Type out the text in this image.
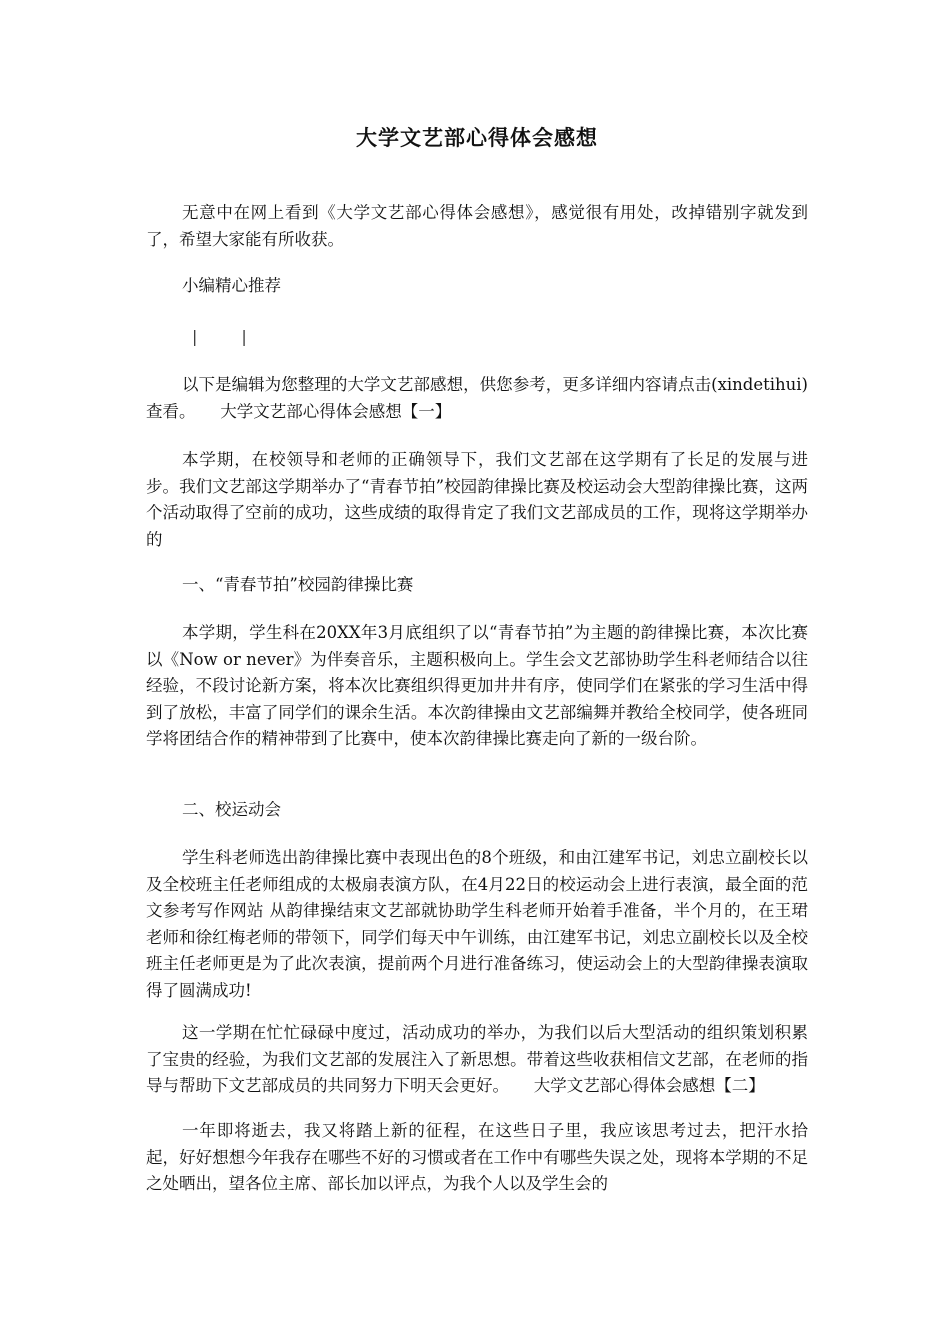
大学文艺部心得体会感想

无意中在网上看到《大学文艺部心得体会感想》，感觉很有用处，改掉错别字就发到了，希望大家能有所收获。

小编精心推荐

|　|

以下是编辑为您整理的大学文艺部感想，供您参考，更多详细内容请点击(xindetihui)查看。　　大学文艺部心得体会感想【一】

本学期，在校领导和老师的正确领导下，我们文艺部在这学期有了长足的发展与进步。我们文艺部这学期举办了“青春节拍”校园韵律操比赛及校运动会大型韵律操比赛，这两个活动取得了空前的成功，这些成绩的取得肯定了我们文艺部成员的工作，现将这学期举办的

一、“青春节拍”校园韵律操比赛

本学期，学生科在20XX年3月底组织了以“青春节拍”为主题的韵律操比赛，本次比赛以《Now or never》为伴奏音乐，主题积极向上。学生会文艺部协助学生科老师结合以往经验，不段讨论新方案，将本次比赛组织得更加井井有序，使同学们在紧张的学习生活中得到了放松，丰富了同学们的课余生活。本次韵律操由文艺部编舞并教给全校同学，使各班同学将团结合作的精神带到了比赛中，使本次韵律操比赛走向了新的一级台阶。

二、校运动会

学生科老师选出韵律操比赛中表现出色的8个班级，和由江建军书记，刘忠立副校长以及全校班主任老师组成的太极扇表演方队，在4月22日的校运动会上进行表演，最全面的范文参考写作网站 从韵律操结束文艺部就协助学生科老师开始着手准备，半个月的，在王珺老师和徐红梅老师的带领下，同学们每天中午训练，由江建军书记，刘忠立副校长以及全校班主任老师更是为了此次表演，提前两个月进行准备练习，使运动会上的大型韵律操表演取得了圆满成功!

这一学期在忙忙碌碌中度过，活动成功的举办，为我们以后大型活动的组织策划积累了宝贵的经验，为我们文艺部的发展注入了新思想。带着这些收获相信文艺部，在老师的指导与帮助下文艺部成员的共同努力下明天会更好。　　大学文艺部心得体会感想【二】

一年即将逝去，我又将踏上新的征程，在这些日子里，我应该思考过去，把汗水拾起，好好想想今年我存在哪些不好的习惯或者在工作中有哪些失误之处，现将本学期的不足之处晒出，望各位主席、部长加以评点，为我个人以及学生会的
